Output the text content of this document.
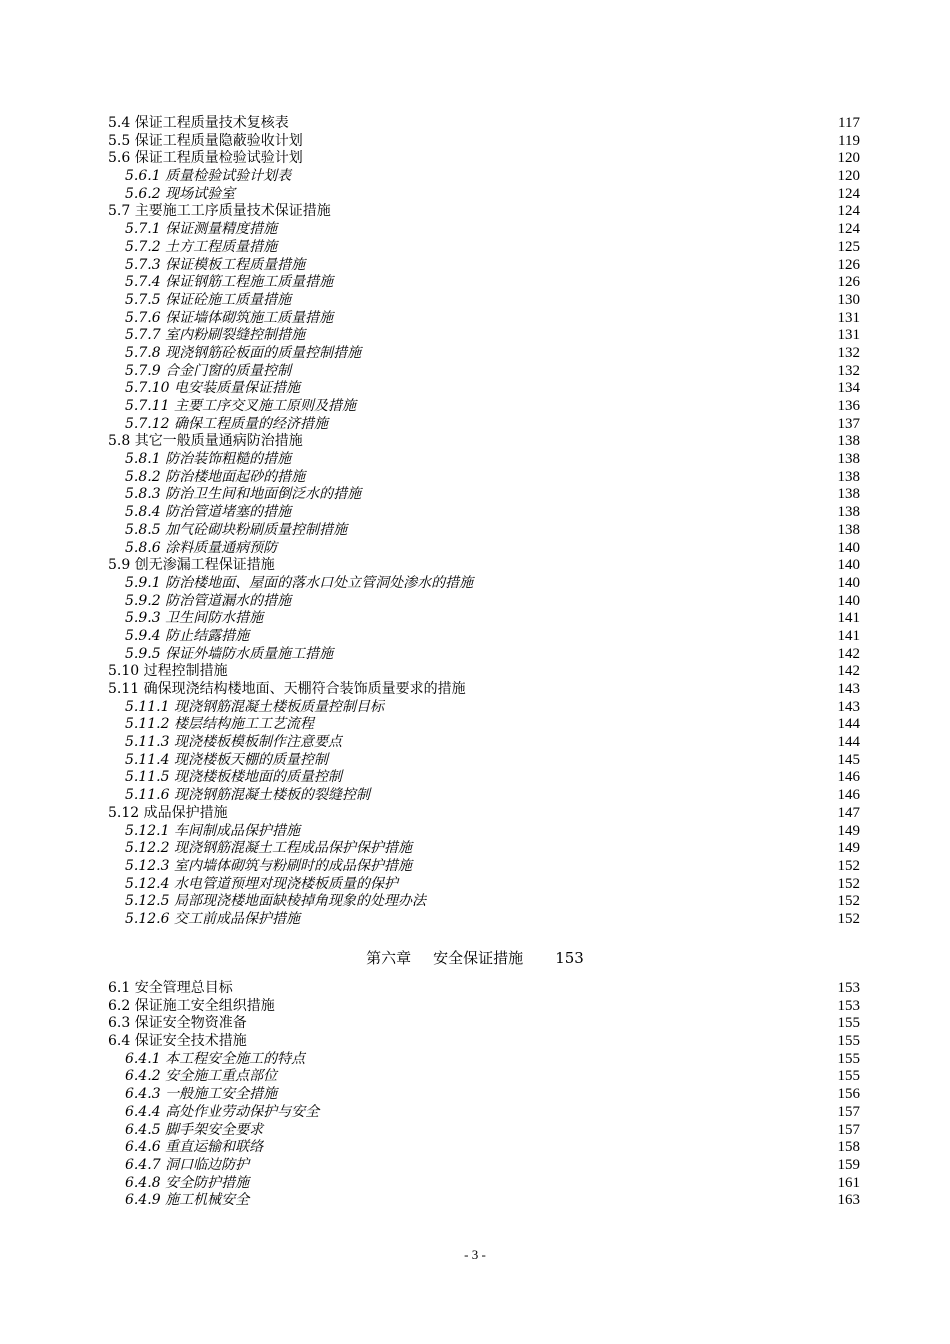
5.4 保证工程质量技术复核表	117
5.5 保证工程质量隐蔽验收计划	119
5.6 保证工程质量检验试验计划	120
5.6.1 质量检验试验计划表	120
5.6.2 现场试验室	124
5.7 主要施工工序质量技术保证措施	124
5.7.1 保证测量精度措施	124
5.7.2 土方工程质量措施	125
5.7.3 保证模板工程质量措施	126
5.7.4 保证钢筋工程施工质量措施	126
5.7.5 保证砼施工质量措施	130
5.7.6 保证墙体砌筑施工质量措施	131
5.7.7 室内粉刷裂缝控制措施	131
5.7.8 现浇钢筋砼板面的质量控制措施	132
5.7.9 合金门窗的质量控制	132
5.7.10 电安装质量保证措施	134
5.7.11 主要工序交叉施工原则及措施	136
5.7.12 确保工程质量的经济措施	137
5.8 其它一般质量通病防治措施	138
5.8.1 防治装饰粗糙的措施	138
5.8.2 防治楼地面起砂的措施	138
5.8.3 防治卫生间和地面倒泛水的措施	138
5.8.4 防治管道堵塞的措施	138
5.8.5 加气砼砌块粉刷质量控制措施	138
5.8.6 涂料质量通病预防	140
5.9 创无渗漏工程保证措施	140
5.9.1 防治楼地面、屋面的落水口处立管洞处渗水的措施	140
5.9.2 防治管道漏水的措施	140
5.9.3 卫生间防水措施	141
5.9.4 防止结露措施	141
5.9.5 保证外墙防水质量施工措施	142
5.10 过程控制措施	142
5.11 确保现浇结构楼地面、天棚符合装饰质量要求的措施	143
5.11.1 现浇钢筋混凝土楼板质量控制目标	143
5.11.2 楼层结构施工工艺流程	144
5.11.3 现浇楼板模板制作注意要点	144
5.11.4 现浇楼板天棚的质量控制	145
5.11.5 现浇楼板楼地面的质量控制	146
5.11.6 现浇钢筋混凝土楼板的裂缝控制	146
5.12 成品保护措施	147
5.12.1 车间制成品保护措施	149
5.12.2 现浇钢筋混凝土工程成品保护保护措施	149
5.12.3 室内墙体砌筑与粉刷时的成品保护措施	152
5.12.4 水电管道预埋对现浇楼板质量的保护	152
5.12.5 局部现浇楼地面缺棱掉角现象的处理办法	152
5.12.6 交工前成品保护措施	152
第六章 安全保证措施 153
6.1 安全管理总目标	153
6.2 保证施工安全组织措施	153
6.3 保证安全物资准备	155
6.4 保证安全技术措施	155
6.4.1 本工程安全施工的特点	155
6.4.2 安全施工重点部位	155
6.4.3 一般施工安全措施	156
6.4.4 高处作业劳动保护与安全	157
6.4.5 脚手架安全要求	157
6.4.6 重直运输和联络	158
6.4.7 洞口临边防护	159
6.4.8 安全防护措施	161
6.4.9 施工机械安全	163
- 3 -
